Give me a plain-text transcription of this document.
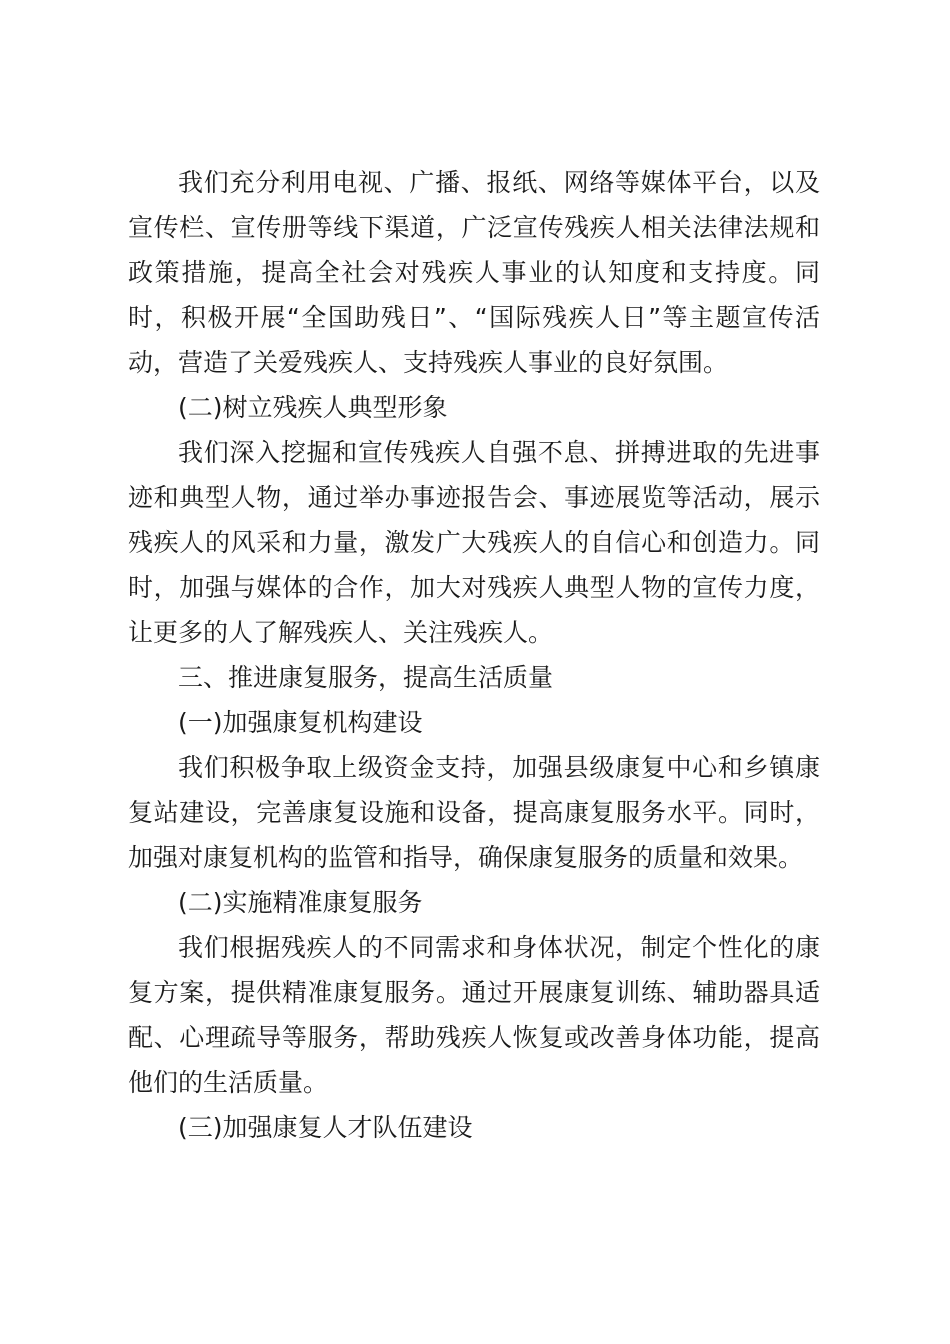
我们充分利用电视、广播、报纸、网络等媒体平台，以及宣传栏、宣传册等线下渠道，广泛宣传残疾人相关法律法规和政策措施，提高全社会对残疾人事业的认知度和支持度。同时，积极开展“全国助残日”、“国际残疾人日”等主题宣传活动，营造了关爱残疾人、支持残疾人事业的良好氛围。

(二)树立残疾人典型形象

我们深入挖掘和宣传残疾人自强不息、拼搏进取的先进事迹和典型人物，通过举办事迹报告会、事迹展览等活动，展示残疾人的风采和力量，激发广大残疾人的自信心和创造力。同时，加强与媒体的合作，加大对残疾人典型人物的宣传力度，让更多的人了解残疾人、关注残疾人。

三、推进康复服务，提高生活质量

(一)加强康复机构建设

我们积极争取上级资金支持，加强县级康复中心和乡镇康复站建设，完善康复设施和设备，提高康复服务水平。同时，加强对康复机构的监管和指导，确保康复服务的质量和效果。

(二)实施精准康复服务

我们根据残疾人的不同需求和身体状况，制定个性化的康复方案，提供精准康复服务。通过开展康复训练、辅助器具适配、心理疏导等服务，帮助残疾人恢复或改善身体功能，提高他们的生活质量。

(三)加强康复人才队伍建设
